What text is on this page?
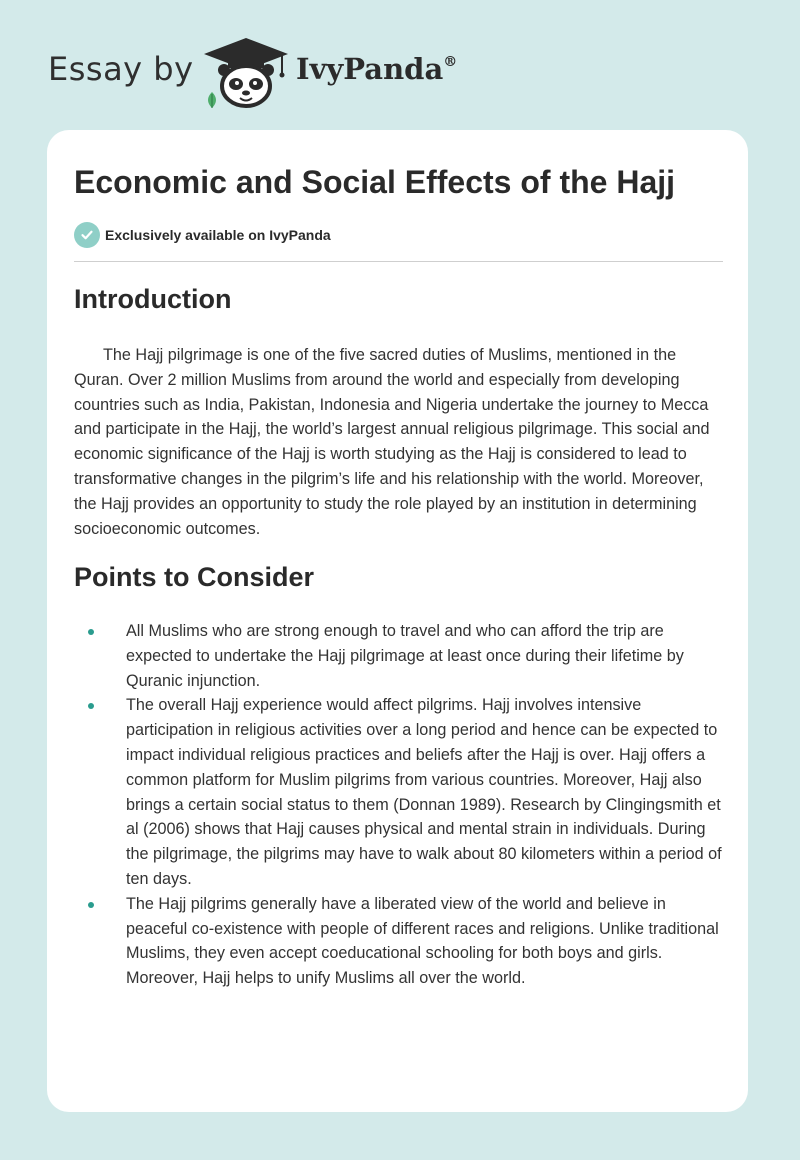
Essay by	IvyPanda®
Economic and Social Effects of the Hajj
Exclusively available on IvyPanda
Introduction

The Hajj pilgrimage is one of the five sacred duties of Muslims, mentioned in the Quran. Over 2 million Muslims from around the world and especially from developing countries such as India, Pakistan, Indonesia and Nigeria undertake the journey to Mecca and participate in the Hajj, the world’s largest annual religious pilgrimage. This social and economic significance of the Hajj is worth studying as the Hajj is considered to lead to transformative changes in the pilgrim’s life and his relationship with the world. Moreover, the Hajj provides an opportunity to study the role played by an institution in determining socioeconomic outcomes.

Points to Consider
All Muslims who are strong enough to travel and who can afford the trip are expected to undertake the Hajj pilgrimage at least once during their lifetime by Quranic injunction.
The overall Hajj experience would affect pilgrims. Hajj involves intensive participation in religious activities over a long period and hence can be expected to impact individual religious practices and beliefs after the Hajj is over. Hajj offers a common platform for Muslim pilgrims from various countries. Moreover, Hajj also brings a certain social status to them (Donnan 1989). Research by Clingingsmith et al (2006) shows that Hajj causes physical and mental strain in individuals. During the pilgrimage, the pilgrims may have to walk about 80 kilometers within a period of ten days.
The Hajj pilgrims generally have a liberated view of the world and believe in peaceful co-existence with people of different races and religions. Unlike traditional Muslims, they even accept coeducational schooling for both boys and girls. Moreover, Hajj helps to unify Muslims all over the world.
